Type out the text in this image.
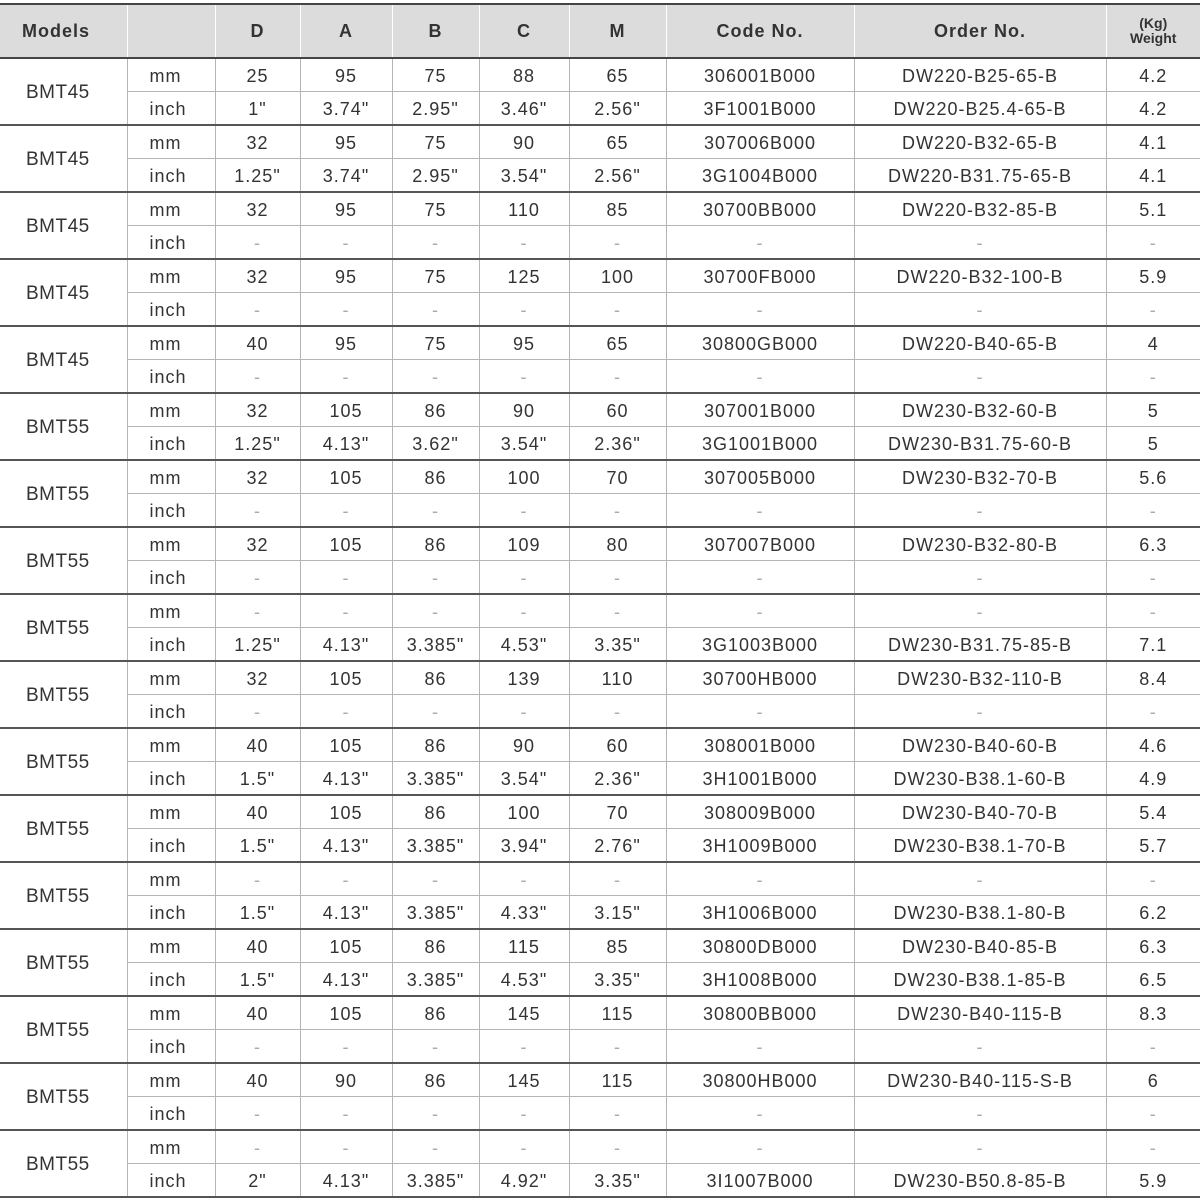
Models		D	A	B	C	M	Code No.	Order No.	(Kg)
Weight

BMT45	mm	25	95	75	88	65	306001B000	DW220-B25-65-B	4.2
	inch	1"	3.74"	2.95"	3.46"	2.56"	3F1001B000	DW220-B25.4-65-B	4.2
BMT45	mm	32	95	75	90	65	307006B000	DW220-B32-65-B	4.1
	inch	1.25"	3.74"	2.95"	3.54"	2.56"	3G1004B000	DW220-B31.75-65-B	4.1
BMT45	mm	32	95	75	110	85	30700BB000	DW220-B32-85-B	5.1
	inch	-	-	-	-	-	-	-	-
BMT45	mm	32	95	75	125	100	30700FB000	DW220-B32-100-B	5.9
	inch	-	-	-	-	-	-	-	-
BMT45	mm	40	95	75	95	65	30800GB000	DW220-B40-65-B	4
	inch	-	-	-	-	-	-	-	-
BMT55	mm	32	105	86	90	60	307001B000	DW230-B32-60-B	5
	inch	1.25"	4.13"	3.62"	3.54"	2.36"	3G1001B000	DW230-B31.75-60-B	5
BMT55	mm	32	105	86	100	70	307005B000	DW230-B32-70-B	5.6
	inch	-	-	-	-	-	-	-	-
BMT55	mm	32	105	86	109	80	307007B000	DW230-B32-80-B	6.3
	inch	-	-	-	-	-	-	-	-
BMT55	mm	-	-	-	-	-	-	-	-
	inch	1.25"	4.13"	3.385"	4.53"	3.35"	3G1003B000	DW230-B31.75-85-B	7.1
BMT55	mm	32	105	86	139	110	30700HB000	DW230-B32-110-B	8.4
	inch	-	-	-	-	-	-	-	-
BMT55	mm	40	105	86	90	60	308001B000	DW230-B40-60-B	4.6
	inch	1.5"	4.13"	3.385"	3.54"	2.36"	3H1001B000	DW230-B38.1-60-B	4.9
BMT55	mm	40	105	86	100	70	308009B000	DW230-B40-70-B	5.4
	inch	1.5"	4.13"	3.385"	3.94"	2.76"	3H1009B000	DW230-B38.1-70-B	5.7
BMT55	mm	-	-	-	-	-	-	-	-
	inch	1.5"	4.13"	3.385"	4.33"	3.15"	3H1006B000	DW230-B38.1-80-B	6.2
BMT55	mm	40	105	86	115	85	30800DB000	DW230-B40-85-B	6.3
	inch	1.5"	4.13"	3.385"	4.53"	3.35"	3H1008B000	DW230-B38.1-85-B	6.5
BMT55	mm	40	105	86	145	115	30800BB000	DW230-B40-115-B	8.3
	inch	-	-	-	-	-	-	-	-
BMT55	mm	40	90	86	145	115	30800HB000	DW230-B40-115-S-B	6
	inch	-	-	-	-	-	-	-	-
BMT55	mm	-	-	-	-	-	-	-	-
	inch	2"	4.13"	3.385"	4.92"	3.35"	3I1007B000	DW230-B50.8-85-B	5.9
